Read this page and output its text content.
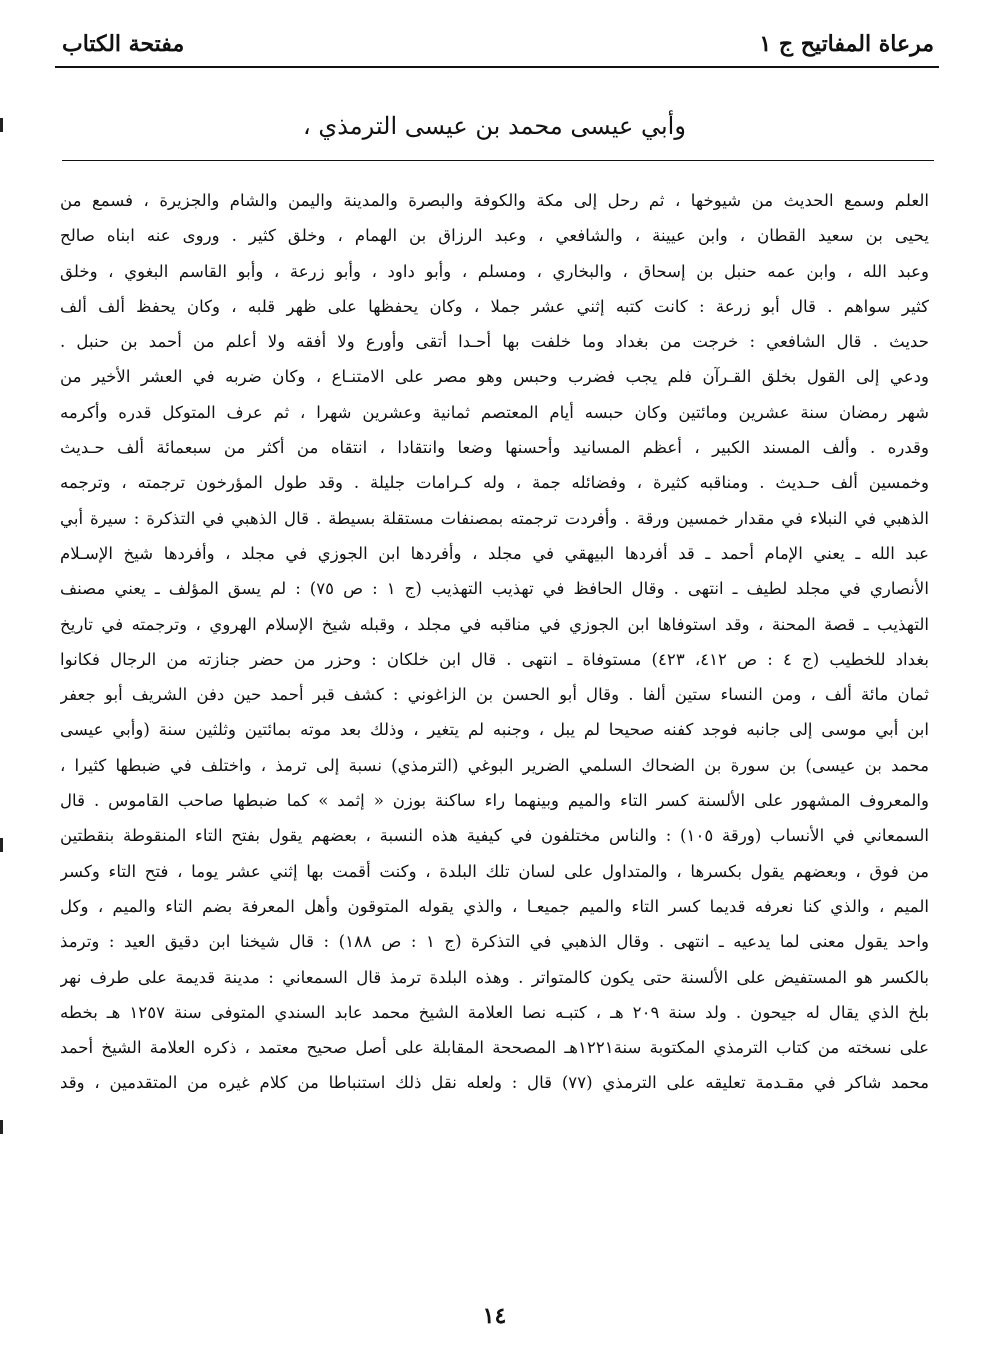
مفتحة الكتاب	مرعاة المفاتيح ج ١
وأبي عيسى محمد بن عيسى الترمذي ،
العلم وسمع الحديث من شيوخها ، ثم رحل إلى مكة والكوفة والبصرة والمدينة واليمن والشام والجزيرة ، فسمع من
يحيى بن سعيد القطان ، وابن عيينة ، والشافعي ، وعبد الرزاق بن الهمام ، وخلق كثير . وروى عنه ابناه صالح
وعبد الله ، وابن عمه حنبل بن إسحاق ، والبخاري ، ومسلم ، وأبو داود ، وأبو زرعة ، وأبو القاسم البغوي ، وخلق
كثير سواهم . قال أبو زرعة : كانت كتبه إثني عشر جملا ، وكان يحفظها على ظهر قلبه ، وكان يحفظ ألف ألف
حديث . قال الشافعي : خرجت من بغداد وما خلفت بها أحـدا أتقى وأورع ولا أفقه ولا أعلم من أحمد بن حنبل .
ودعي إلى القول بخلق القـرآن فلم يجب فضرب وحبس وهو مصر على الامتنـاع ، وكان ضربه في العشر الأخير من
شهر رمضان سنة عشرين ومائتين وكان حبسه أيام المعتصم ثمانية وعشرين شهرا ، ثم عرف المتوكل قدره وأكرمه
وقدره . وألف المسند الكبير ، أعظم المسانيد وأحسنها وضعا وانتقادا ، انتقاه من أكثر من سبعمائة ألف حـديث
وخمسين ألف حـديث . ومناقبه كثيرة ، وفضائله جمة ، وله كـرامات جليلة . وقد طول المؤرخون ترجمته ، وترجمه
الذهبي في النبلاء في مقدار خمسين ورقة . وأفردت ترجمته بمصنفات مستقلة بسيطة . قال الذهبي في التذكرة : سيرة أبي
عبد الله ـ يعني الإمام أحمد ـ قد أفردها البيهقي في مجلد ، وأفردها ابن الجوزي في مجلد ، وأفردها شيخ الإسـلام
الأنصاري في مجلد لطيف ـ انتهى . وقال الحافظ في تهذيب التهذيب (ج ١ : ص ٧٥) : لم يسق المؤلف ـ يعني مصنف
التهذيب ـ قصة المحنة ، وقد استوفاها ابن الجوزي في مناقبه في مجلد ، وقبله شيخ الإسلام الهروي ، وترجمته في تاريخ
بغداد للخطيب (ج ٤ : ص ٤١٢، ٤٢٣) مستوفاة ـ انتهى . قال ابن خلكان : وحزر من حضر جنازته من الرجال فكانوا
ثمان مائة ألف ، ومن النساء ستين ألفا . وقال أبو الحسن بن الزاغوني : كشف قبر أحمد حين دفن الشريف أبو جعفر
ابن أبي موسى إلى جانبه فوجد كفنه صحيحا لم يبل ، وجنبه لم يتغير ، وذلك بعد موته بمائتين وثلثين سنة (وأبي عيسى
محمد بن عيسى) بن سورة بن الضحاك السلمي الضرير البوغي (الترمذي) نسبة إلى ترمذ ، واختلف في ضبطها كثيرا ،
والمعروف المشهور على الألسنة كسر التاء والميم وبينهما راء ساكنة بوزن « إثمد » كما ضبطها صاحب القاموس . قال
السمعاني في الأنساب (ورقة ١٠٥) : والناس مختلفون في كيفية هذه النسبة ، بعضهم يقول بفتح التاء المنقوطة بنقطتين
من فوق ، وبعضهم يقول بكسرها ، والمتداول على لسان تلك البلدة ، وكنت أقمت بها إثني عشر يوما ، فتح التاء وكسر
الميم ، والذي كنا نعرفه قديما كسر التاء والميم جميعـا ، والذي يقوله المتوقون وأهل المعرفة بضم التاء والميم ، وكل
واحد يقول معنى لما يدعيه ـ انتهى . وقال الذهبي في التذكرة (ج ١ : ص ١٨٨) : قال شيخنا ابن دقيق العيد : وترمذ
بالكسر هو المستفيض على الألسنة حتى يكون كالمتواتر . وهذه البلدة ترمذ قال السمعاني : مدينة قديمة على طرف نهر
بلخ الذي يقال له جيحون . ولد سنة ٢٠٩ هـ ، كتبـه نصا العلامة الشيخ محمد عابد السندي المتوفى سنة ١٢٥٧ هـ بخطه
على نسخته من كتاب الترمذي المكتوبة سنة١٢٢١هـ المصححة المقابلة على أصل صحيح معتمد ، ذكره العلامة الشيخ أحمد
محمد شاكر في مقـدمة تعليقه على الترمذي (٧٧) قال : ولعله نقل ذلك استنباطا من كلام غيره من المتقدمين ، وقد
١٤
